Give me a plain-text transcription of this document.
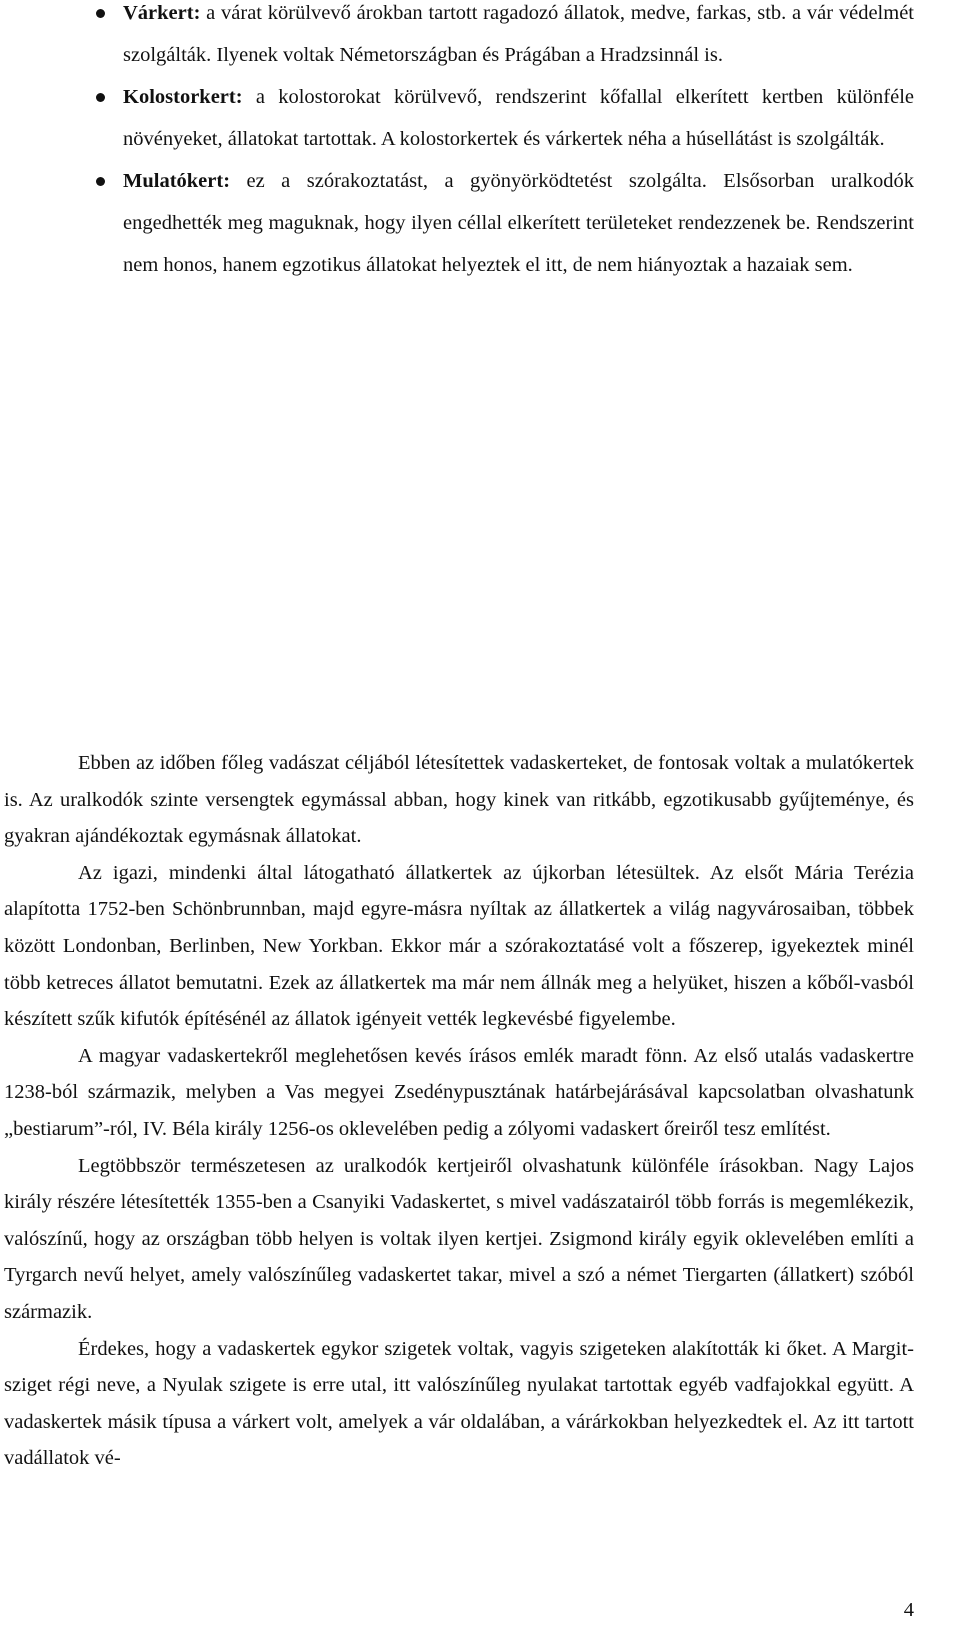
Várkert: a várat körülvevő árokban tartott ragadozó állatok, medve, farkas, stb. a vár védelmét szolgálták. Ilyenek voltak Németországban és Prágában a Hradzsinnál is.
Kolostorkert: a kolostorokat körülvevő, rendszerint kőfallal elkerített kertben különféle növényeket, állatokat tartottak. A kolostorkertek és várkertek néha a húsellátást is szolgálták.
Mulatókert: ez a szórakoztatást, a gyönyörködtetést szolgálta. Elsősorban uralkodók engedhették meg maguknak, hogy ilyen céllal elkerített területeket rendezzenek be. Rendszerint nem honos, hanem egzotikus állatokat helyeztek el itt, de nem hiányoztak a hazaiak sem.

Ebben az időben főleg vadászat céljából létesítettek vadaskerteket, de fontosak voltak a mulatókertek is. Az uralkodók szinte versengtek egymással abban, hogy kinek van ritkább, egzotikusabb gyűjteménye, és gyakran ajándékoztak egymásnak állatokat.

Az igazi, mindenki által látogatható állatkertek az újkorban létesültek. Az elsőt Mária Terézia alapította 1752-ben Schönbrunnban, majd egyre-másra nyíltak az állatkertek a világ nagyvárosaiban, többek között Londonban, Berlinben, New Yorkban. Ekkor már a szórakoztatásé volt a főszerep, igyekeztek minél több ketreces állatot bemutatni. Ezek az állatkertek ma már nem állnák meg a helyüket, hiszen a kőből-vasból készített szűk kifutók építésénél az állatok igényeit vették legkevésbé figyelembe.

A magyar vadaskertekről meglehetősen kevés írásos emlék maradt fönn. Az első utalás vadaskertre 1238-ból származik, melyben a Vas megyei Zsedénypusztának határbejárásával kapcsolatban olvashatunk „bestiarum”-ról, IV. Béla király 1256-os oklevelében pedig a zólyomi vadaskert őreiről tesz említést.

Legtöbbször természetesen az uralkodók kertjeiről olvashatunk különféle írásokban. Nagy Lajos király részére létesítették 1355-ben a Csanyiki Vadaskertet, s mivel vadászatairól több forrás is megemlékezik, valószínű, hogy az országban több helyen is voltak ilyen kertjei. Zsigmond király egyik oklevelében említi a Tyrgarch nevű helyet, amely valószínűleg vadaskertet takar, mivel a szó a német Tiergarten (állatkert) szóból származik.

Érdekes, hogy a vadaskertek egykor szigetek voltak, vagyis szigeteken alakították ki őket. A Margit-sziget régi neve, a Nyulak szigete is erre utal, itt valószínűleg nyulakat tartottak egyéb vadfajokkal együtt. A vadaskertek másik típusa a várkert volt, amelyek a vár oldalában, a várárkokban helyezkedtek el. Az itt tartott vadállatok vé-

4
